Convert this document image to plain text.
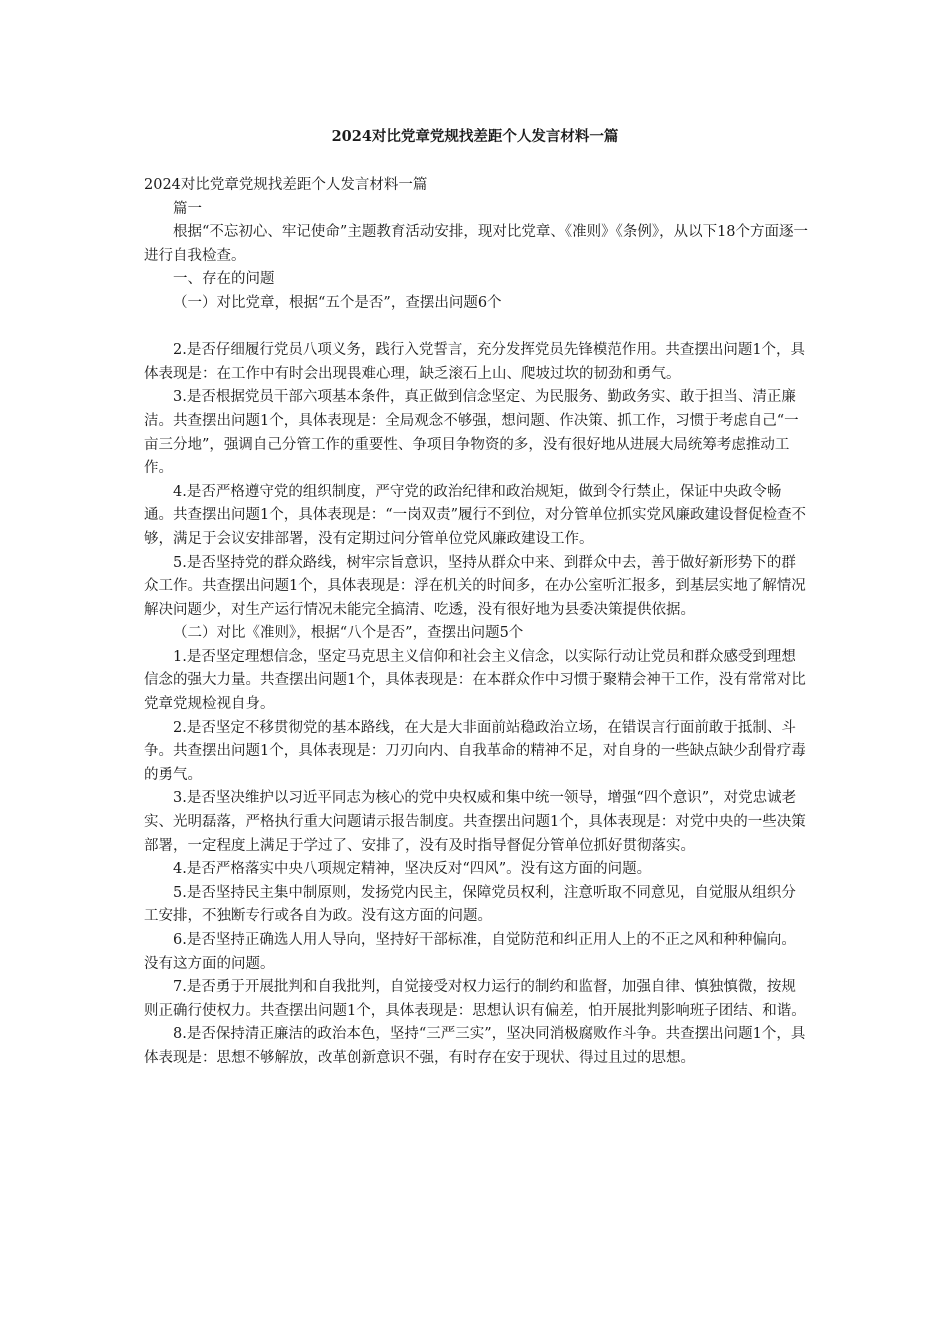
2024对比党章党规找差距个人发言材料一篇

2024对比党章党规找差距个人发言材料一篇

篇一

根据“不忘初心、牢记使命”主题教育活动安排，现对比党章、《准则》《条例》，从以下18个方面逐一进行自我检查。

一、存在的问题

（一）对比党章，根据“五个是否”，查摆出问题6个

2.是否仔细履行党员八项义务，践行入党誓言，充分发挥党员先锋模范作用。共查摆出问题1个，具体表现是：在工作中有时会出现畏难心理，缺乏滚石上山、爬坡过坎的韧劲和勇气。

3.是否根据党员干部六项基本条件，真正做到信念坚定、为民服务、勤政务实、敢于担当、清正廉洁。共查摆出问题1个，具体表现是：全局观念不够强，想问题、作决策、抓工作，习惯于考虑自己“一亩三分地”，强调自己分管工作的重要性、争项目争物资的多，没有很好地从进展大局统筹考虑推动工作。

4.是否严格遵守党的组织制度，严守党的政治纪律和政治规矩，做到令行禁止，保证中央政令畅通。共查摆出问题1个，具体表现是：“一岗双责”履行不到位，对分管单位抓实党风廉政建设督促检查不够，满足于会议安排部署，没有定期过问分管单位党风廉政建设工作。

5.是否坚持党的群众路线，树牢宗旨意识，坚持从群众中来、到群众中去，善于做好新形势下的群众工作。共查摆出问题1个，具体表现是：浮在机关的时间多，在办公室听汇报多，到基层实地了解情况解决问题少，对生产运行情况未能完全搞清、吃透，没有很好地为县委决策提供依据。

（二）对比《准则》，根据“八个是否”，查摆出问题5个

1.是否坚定理想信念，坚定马克思主义信仰和社会主义信念，以实际行动让党员和群众感受到理想信念的强大力量。共查摆出问题1个，具体表现是：在本群众作中习惯于聚精会神干工作，没有常常对比党章党规检视自身。

2.是否坚定不移贯彻党的基本路线，在大是大非面前站稳政治立场，在错误言行面前敢于抵制、斗争。共查摆出问题1个，具体表现是：刀刃向内、自我革命的精神不足，对自身的一些缺点缺少刮骨疗毒的勇气。

3.是否坚决维护以习近平同志为核心的党中央权威和集中统一领导，增强“四个意识”，对党忠诚老实、光明磊落，严格执行重大问题请示报告制度。共查摆出问题1个，具体表现是：对党中央的一些决策部署，一定程度上满足于学过了、安排了，没有及时指导督促分管单位抓好贯彻落实。

4.是否严格落实中央八项规定精神，坚决反对“四风”。没有这方面的问题。

5.是否坚持民主集中制原则，发扬党内民主，保障党员权利，注意听取不同意见，自觉服从组织分工安排，不独断专行或各自为政。没有这方面的问题。

6.是否坚持正确选人用人导向，坚持好干部标准，自觉防范和纠正用人上的不正之风和种种偏向。没有这方面的问题。

7.是否勇于开展批判和自我批判，自觉接受对权力运行的制约和监督，加强自律、慎独慎微，按规则正确行使权力。共查摆出问题1个，具体表现是：思想认识有偏差，怕开展批判影响班子团结、和谐。

8.是否保持清正廉洁的政治本色，坚持“三严三实”，坚决同消极腐败作斗争。共查摆出问题1个，具体表现是：思想不够解放，改革创新意识不强，有时存在安于现状、得过且过的思想。
